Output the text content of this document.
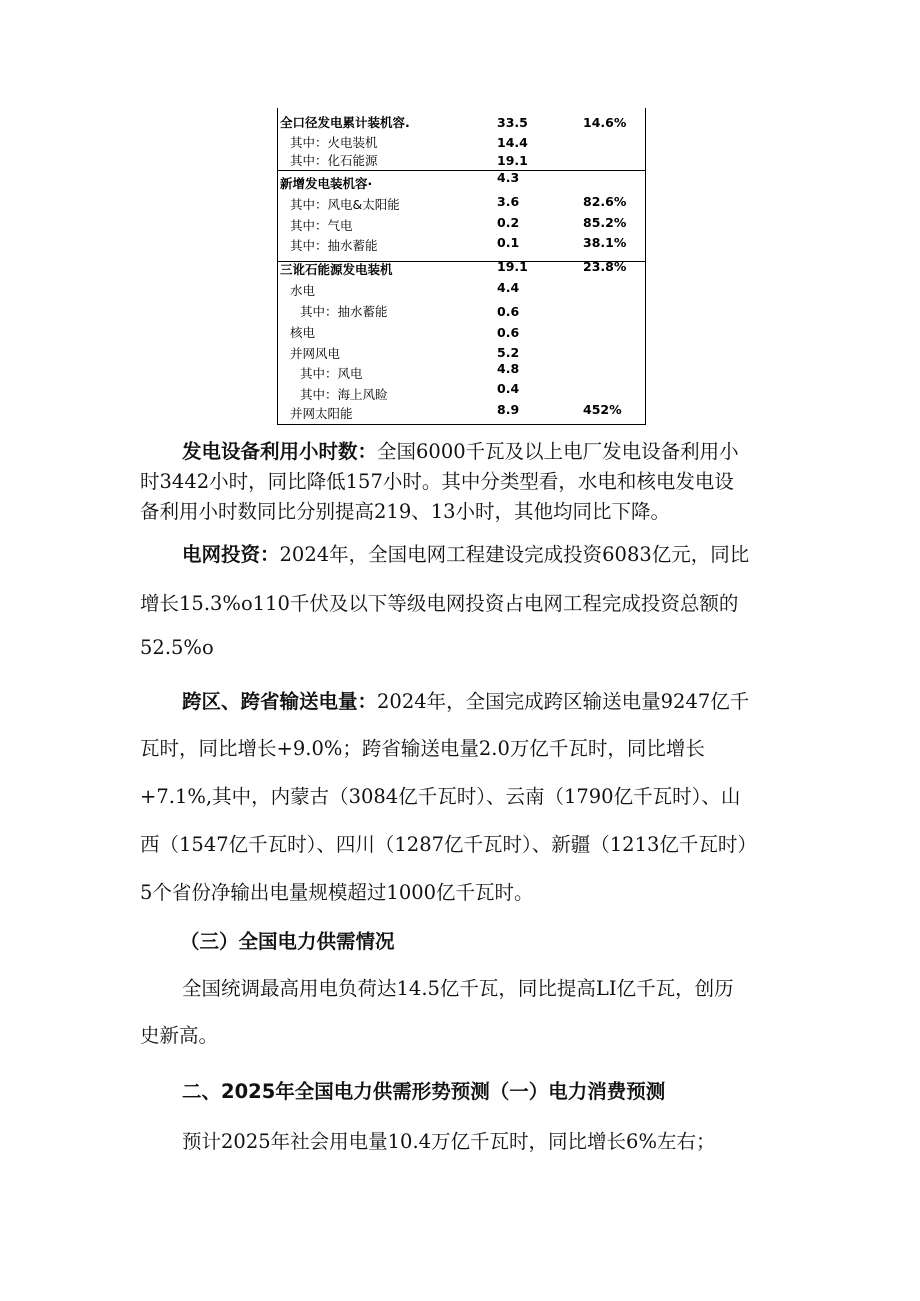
全口径发电累计装机容.	33.5	14.6%
其中：火电装机	14.4
其中：化石能源	19.1
新增发电装机容·	4.3
其中：风电&太阳能	3.6	82.6%
其中：气电	0.2	85.2%
其中：抽水蓄能	0.1	38.1%
三讹石能源发电装机	19.1	23.8%
水电	4.4
其中：抽水蓄能	0.6
核电	0.6
并网风电	5.2
其中：风电	4.8
其中：海上风睑	0.4
并网太阳能	8.9	452%
发电设备利用小时数：全国6000千瓦及以上电厂发电设备利用小
时3442小时，同比降低157小时。其中分类型看，水电和核电发电设
备利用小时数同比分别提高219、13小时，其他均同比下降。
电网投资：2024年，全国电网工程建设完成投资6083亿元，同比
增长15.3%o110千伏及以下等级电网投资占电网工程完成投资总额的
52.5%o
跨区、跨省输送电量：2024年，全国完成跨区输送电量9247亿千
瓦时，同比增长+9.0%；跨省输送电量2.0万亿千瓦时，同比增长
+7.1%,其中，内蒙古（3084亿千瓦时）、云南（1790亿千瓦时）、山
西（1547亿千瓦时）、四川（1287亿千瓦时）、新疆（1213亿千瓦时）
5个省份净输出电量规模超过1000亿千瓦时。
（三）全国电力供需情况
全国统调最高用电负荷达14.5亿千瓦，同比提高LI亿千瓦，创历
史新高。
二、2025年全国电力供需形势预测（一）电力消费预测
预计2025年社会用电量10.4万亿千瓦时，同比增长6%左右；
